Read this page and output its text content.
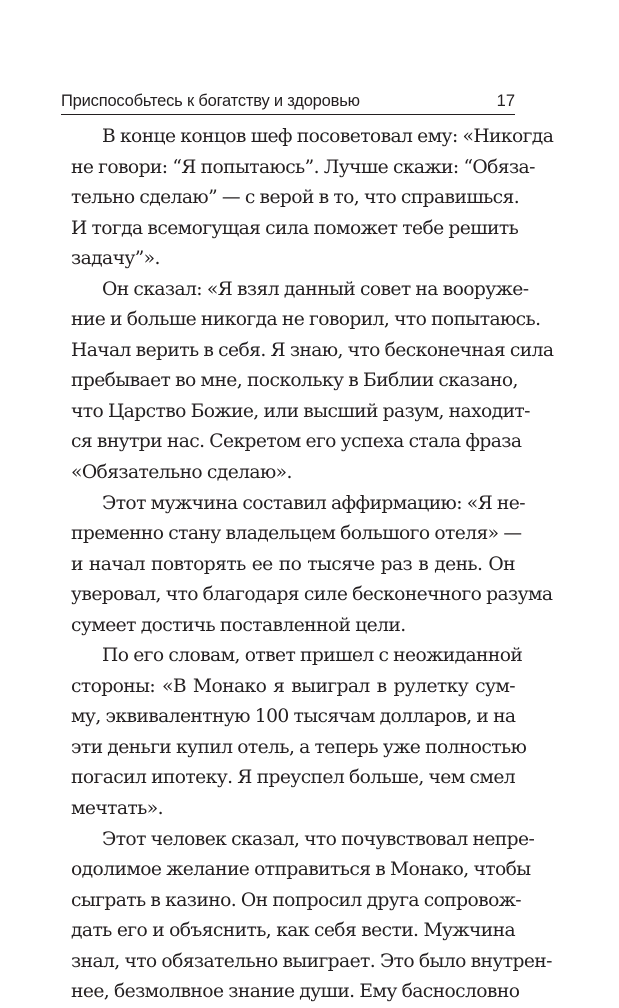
Приспособьтесь к богатству и здоровью	17
В конце концов шеф посоветовал ему: «Никогда
не говори: “Я попытаюсь”. Лучше скажи: “Обяза-
тельно сделаю” — с верой в то, что справишься.
И тогда всемогущая сила поможет тебе решить
задачу”».
Он сказал: «Я взял данный совет на вооруже-
ние и больше никогда не говорил, что попытаюсь.
Начал верить в себя. Я знаю, что бесконечная сила
пребывает во мне, поскольку в Библии сказано,
что Царство Божие, или высший разум, находит-
ся внутри нас. Секретом его успеха стала фраза
«Обязательно сделаю».
Этот мужчина составил аффирмацию: «Я не-
пременно стану владельцем большого отеля» —
и начал повторять ее по тысяче раз в день. Он
уверовал, что благодаря силе бесконечного разума
сумеет достичь поставленной цели.
По его словам, ответ пришел с неожиданной
стороны: «В Монако я выиграл в рулетку сум-
му, эквивалентную 100 тысячам долларов, и на
эти деньги купил отель, а теперь уже полностью
погасил ипотеку. Я преуспел больше, чем смел
мечтать».
Этот человек сказал, что почувствовал непре-
одолимое желание отправиться в Монако, чтобы
сыграть в казино. Он попросил друга сопровож-
дать его и объяснить, как себя вести. Мужчина
знал, что обязательно выиграет. Это было внутрен-
нее, безмолвное знание души. Ему баснословно
